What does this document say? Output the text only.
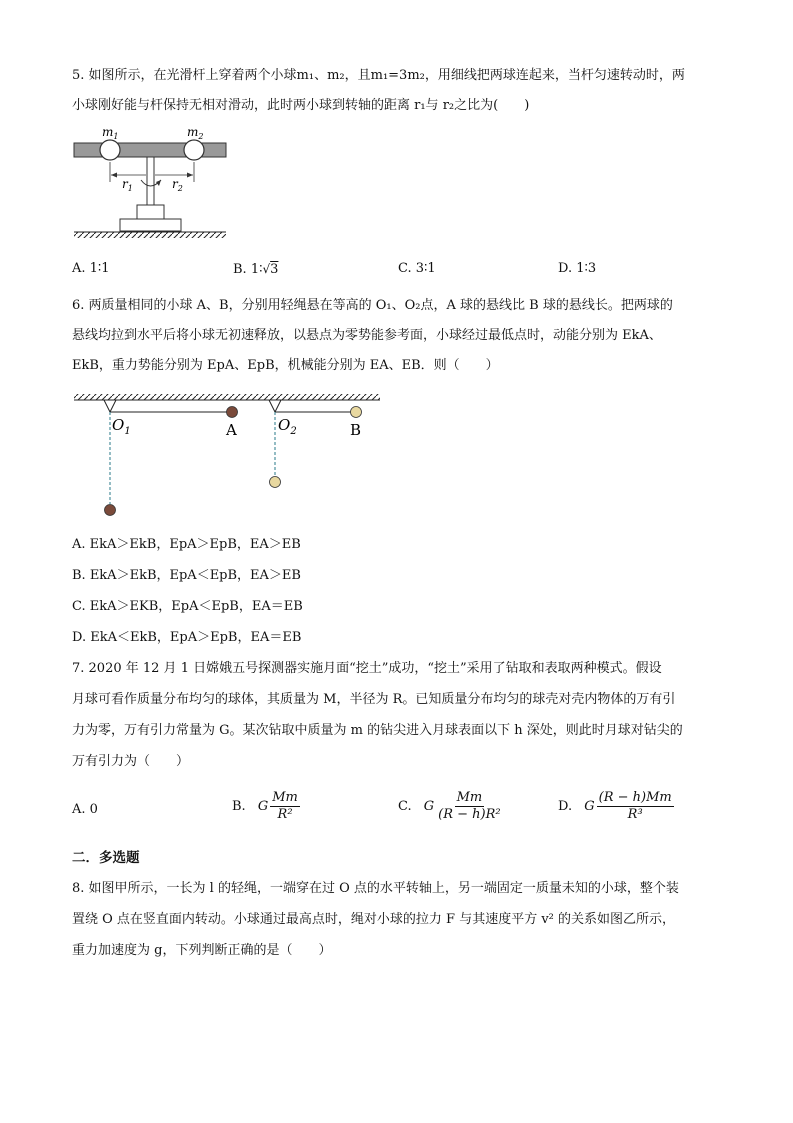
5. 如图所示，在光滑杆上穿着两个小球m₁、m₂，且m₁=3m₂，用细线把两球连起来，当杆匀速转动时，两
小球刚好能与杆保持无相对滑动，此时两小球到转轴的距离 r₁与 r₂之比为(　　)
$m_1$	$m_2$
$r_1$	$r_2$
A. 1∶1	B. 1∶√3	C. 3∶1	D. 1∶3
6. 两质量相同的小球 A、B，分别用轻绳悬在等高的 O₁、O₂点，A 球的悬线比 B 球的悬线长。把两球的
悬线均拉到水平后将小球无初速释放，以悬点为零势能参考面，小球经过最低点时，动能分别为 EkA、
EkB，重力势能分别为 EpA、EpB，机械能分别为 EA、EB．则（　　）
$O_1$	A	$O_2$	B
A. EkA＞EkB，EpA＞EpB，EA＞EB
B. EkA＞EkB，EpA＜EpB，EA＞EB
C. EkA＞EKB，EpA＜EpB，EA＝EB
D. EkA＜EkB，EpA＞EpB，EA＝EB
7. 2020 年 12 月 1 日嫦娥五号探测器实施月面“挖土”成功，“挖土”采用了钻取和表取两种模式。假设
月球可看作质量分布均匀的球体，其质量为 M，半径为 R。已知质量分布均匀的球壳对壳内物体的万有引
力为零，万有引力常量为 G。某次钻取中质量为 m 的钻尖进入月球表面以下 h 深处，则此时月球对钻尖的
万有引力为（　　）
A. 0	B. G $\frac{Mm}{\text{R²}}$	C. G $\frac{Mm}{\text{(R − h)R²}}$	D. G $\frac{(R - h)Mm}{\text{R³}}$
二．多选题
8. 如图甲所示，一长为 l 的轻绳，一端穿在过 O 点的水平转轴上，另一端固定一质量未知的小球，整个装
置绕 O 点在竖直面内转动。小球通过最高点时，绳对小球的拉力 F 与其速度平方 v² 的关系如图乙所示，
重力加速度为 g，下列判断正确的是（　　）
